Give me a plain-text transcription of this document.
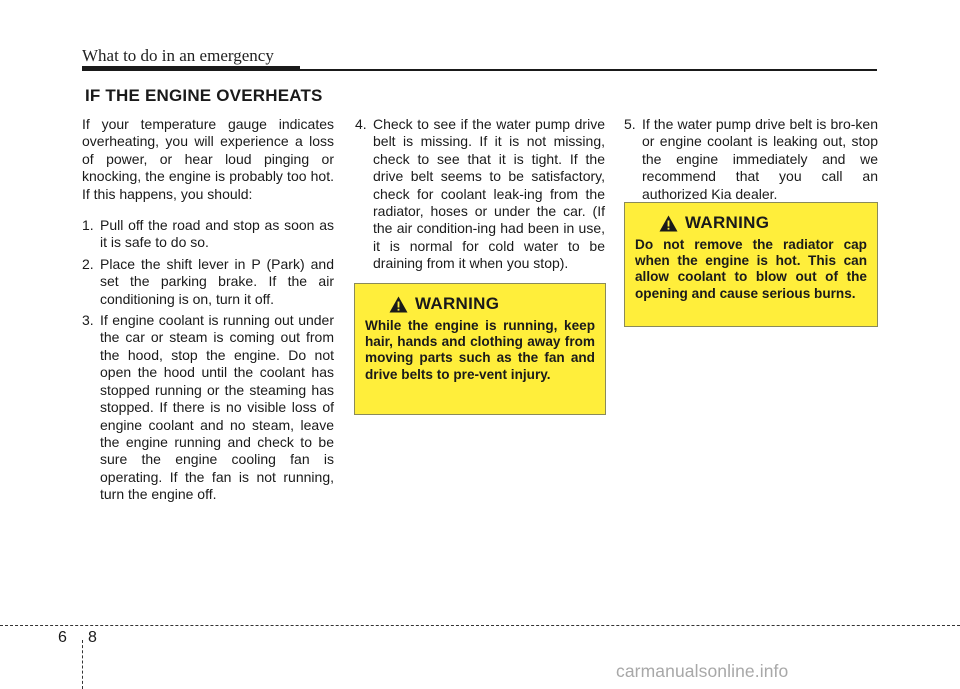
What to do in an emergency
IF THE ENGINE OVERHEATS

If your temperature gauge indicates overheating, you will experience a loss of power, or hear loud pinging or knocking, the engine is probably too hot. If this happens, you should:

1. Pull off the road and stop as soon as it is safe to do so.
2. Place the shift lever in P (Park) and set the parking brake. If the air conditioning is on, turn it off.
3. If engine coolant is running out under the car or steam is coming out from the hood, stop the engine. Do not open the hood until the coolant has stopped running or the steaming has stopped. If there is no visible loss of engine coolant and no steam, leave the engine running and check to be sure the engine cooling fan is operating. If the fan is not running, turn the engine off.
4. Check to see if the water pump drive belt is missing. If it is not missing, check to see that it is tight. If the drive belt seems to be satisfactory, check for coolant leak-ing from the radiator, hoses or under the car. (If the air condition-ing had been in use, it is normal for cold water to be draining from it when you stop).
WARNING
While the engine is running, keep hair, hands and clothing away from moving parts such as the fan and drive belts to pre-vent injury.
5. If the water pump drive belt is bro-ken or engine coolant is leaking out, stop the engine immediately and we recommend that you call an authorized Kia dealer.
WARNING
Do not remove the radiator cap when the engine is hot. This can allow coolant to blow out of the opening and cause serious burns.
6 8
carmanualsonline.info
